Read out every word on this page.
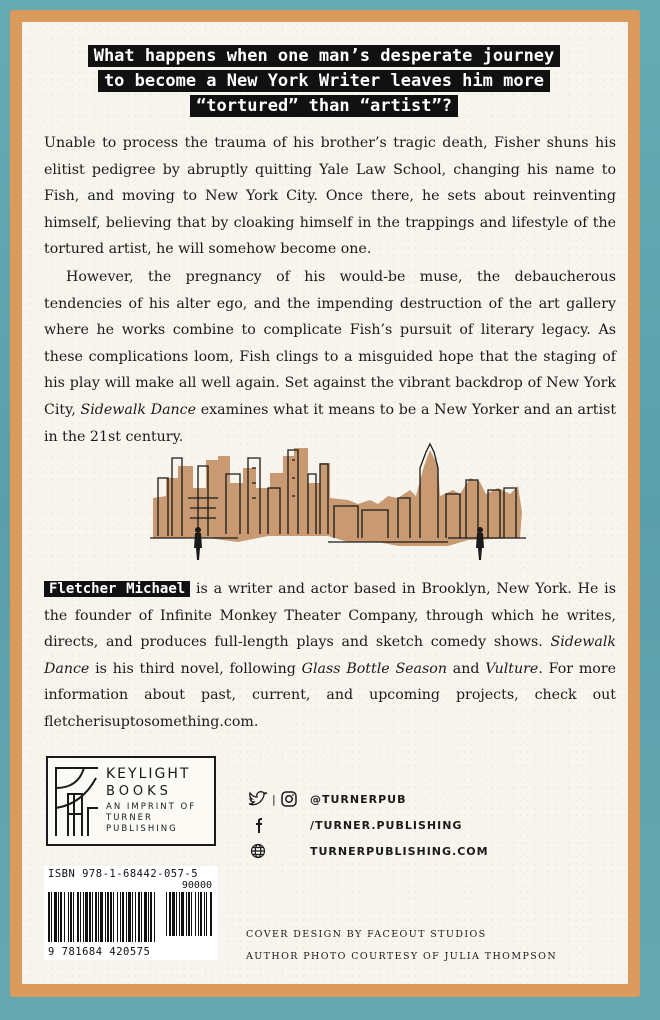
What happens when one man’s desperate journey
to become a New York Writer leaves him more
“tortured” than “artist”?

Unable to process the trauma of his brother’s tragic death, Fisher shuns his elitist pedigree by abruptly quitting Yale Law School, changing his name to Fish, and moving to New York City. Once there, he sets about reinventing himself, believing that by cloaking himself in the trappings and lifestyle of the tortured artist, he will somehow become one.

However, the pregnancy of his would-be muse, the debaucherous tendencies of his alter ego, and the impending destruction of the art gallery where he works combine to complicate Fish’s pursuit of literary legacy. As these complications loom, Fish clings to a misguided hope that the staging of his play will make all well again. Set against the vibrant backdrop of New York City, Sidewalk Dance examines what it means to be a New Yorker and an artist in the 21st century.

Fletcher Michael is a writer and actor based in Brooklyn, New York. He is the founder of Infinite Monkey Theater Company, through which he writes, directs, and produces full-length plays and sketch comedy shows. Sidewalk Dance is his third novel, following Glass Bottle Season and Vulture. For more information about past, current, and upcoming projects, check out fletcherisuptosomething.com.

KEYLIGHT
BOOKS
AN IMPRINT OF TURNER PUBLISHING
|	@TURNERPUB
/TURNER.PUBLISHING
TURNERPUBLISHING.COM
ISBN 978-1-68442-057-5
90000
9 781684 420575
COVER DESIGN BY FACEOUT STUDIOS
AUTHOR PHOTO COURTESY OF JULIA THOMPSON
